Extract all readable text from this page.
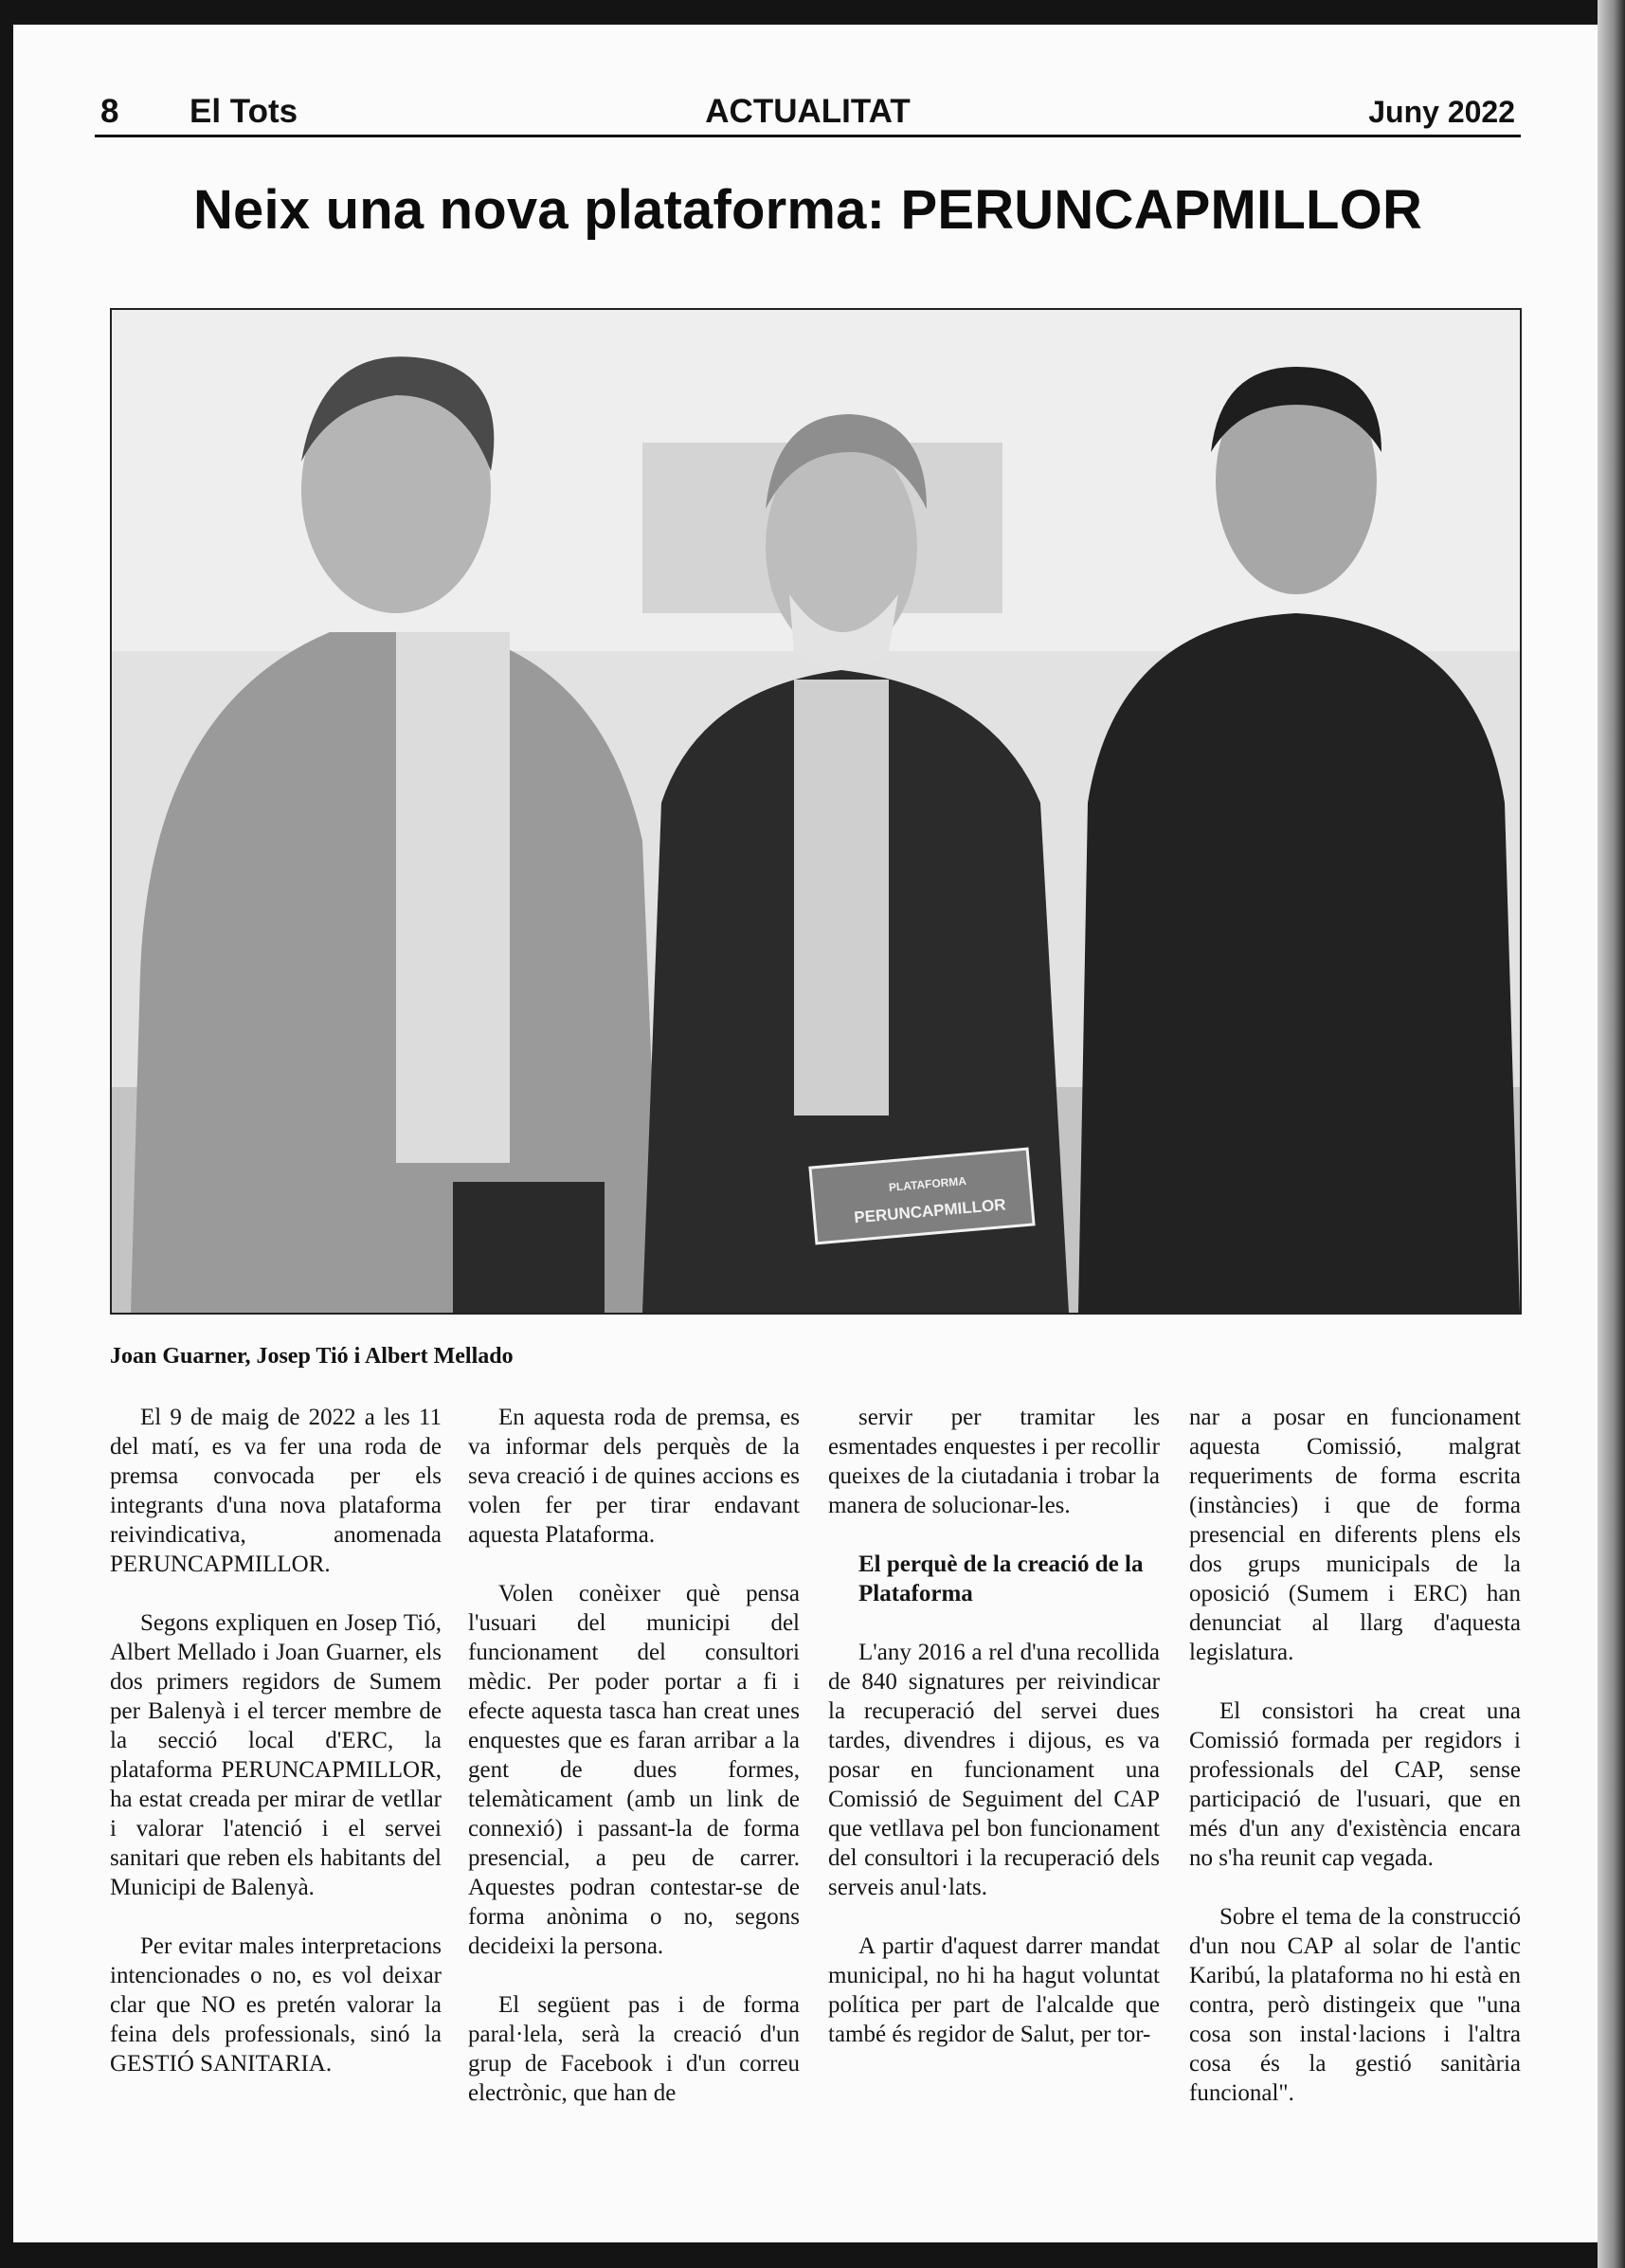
8 El Tots	ACTUALITAT	Juny 2022
Neix una nova plataforma: PERUNCAPMILLOR
PLATAFORMA
PERUNCAPMILLOR
Joan Guarner, Josep Tió i Albert Mellado

El 9 de maig de 2022 a les 11 del matí, es va fer una roda de premsa convocada per els integrants d'una nova plataforma reivindicativa, anomenada PERUNCAPMILLOR.

Segons expliquen en Josep Tió, Albert Mellado i Joan Guarner, els dos primers regidors de Sumem per Balenyà i el tercer membre de la secció local d'ERC, la plataforma PERUNCAPMILLOR, ha estat creada per mirar de vetllar i valorar l'atenció i el servei sanitari que reben els habitants del Municipi de Balenyà.

Per evitar males interpretacions intencionades o no, es vol deixar clar que NO es pretén valorar la feina dels professionals, sinó la GESTIÓ SANITARIA.

En aquesta roda de premsa, es va informar dels perquès de la seva creació i de quines accions es volen fer per tirar endavant aquesta Plataforma.

Volen conèixer què pensa l'usuari del municipi del funcionament del consultori mèdic. Per poder portar a fi i efecte aquesta tasca han creat unes enquestes que es faran arribar a la gent de dues formes, telemàticament (amb un link de connexió) i passant-la de forma presencial, a peu de carrer. Aquestes podran contestar-se de forma anònima o no, segons decideixi la persona.

El següent pas i de forma paral·lela, serà la creació d'un grup de Facebook i d'un correu electrònic, que han de

servir per tramitar les esmentades enquestes i per recollir queixes de la ciutadania i trobar la manera de solucionar-les.

El perquè de la creació de la Plataforma

L'any 2016 a rel d'una recollida de 840 signatures per reivindicar la recuperació del servei dues tardes, divendres i dijous, es va posar en funcionament una Comissió de Seguiment del CAP que vetllava pel bon funcionament del consultori i la recuperació dels serveis anul·lats.

A partir d'aquest darrer mandat municipal, no hi ha hagut voluntat política per part de l'alcalde que també és regidor de Salut, per tor-

nar a posar en funcionament aquesta Comissió, malgrat requeriments de forma escrita (instàncies) i que de forma presencial en diferents plens els dos grups municipals de la oposició (Sumem i ERC) han denunciat al llarg d'aquesta legislatura.

El consistori ha creat una Comissió formada per regidors i professionals del CAP, sense participació de l'usuari, que en més d'un any d'existència encara no s'ha reunit cap vegada.

Sobre el tema de la construcció d'un nou CAP al solar de l'antic Karibú, la plataforma no hi està en contra, però distingeix que "una cosa son instal·lacions i l'altra cosa és la gestió sanitària funcional".
